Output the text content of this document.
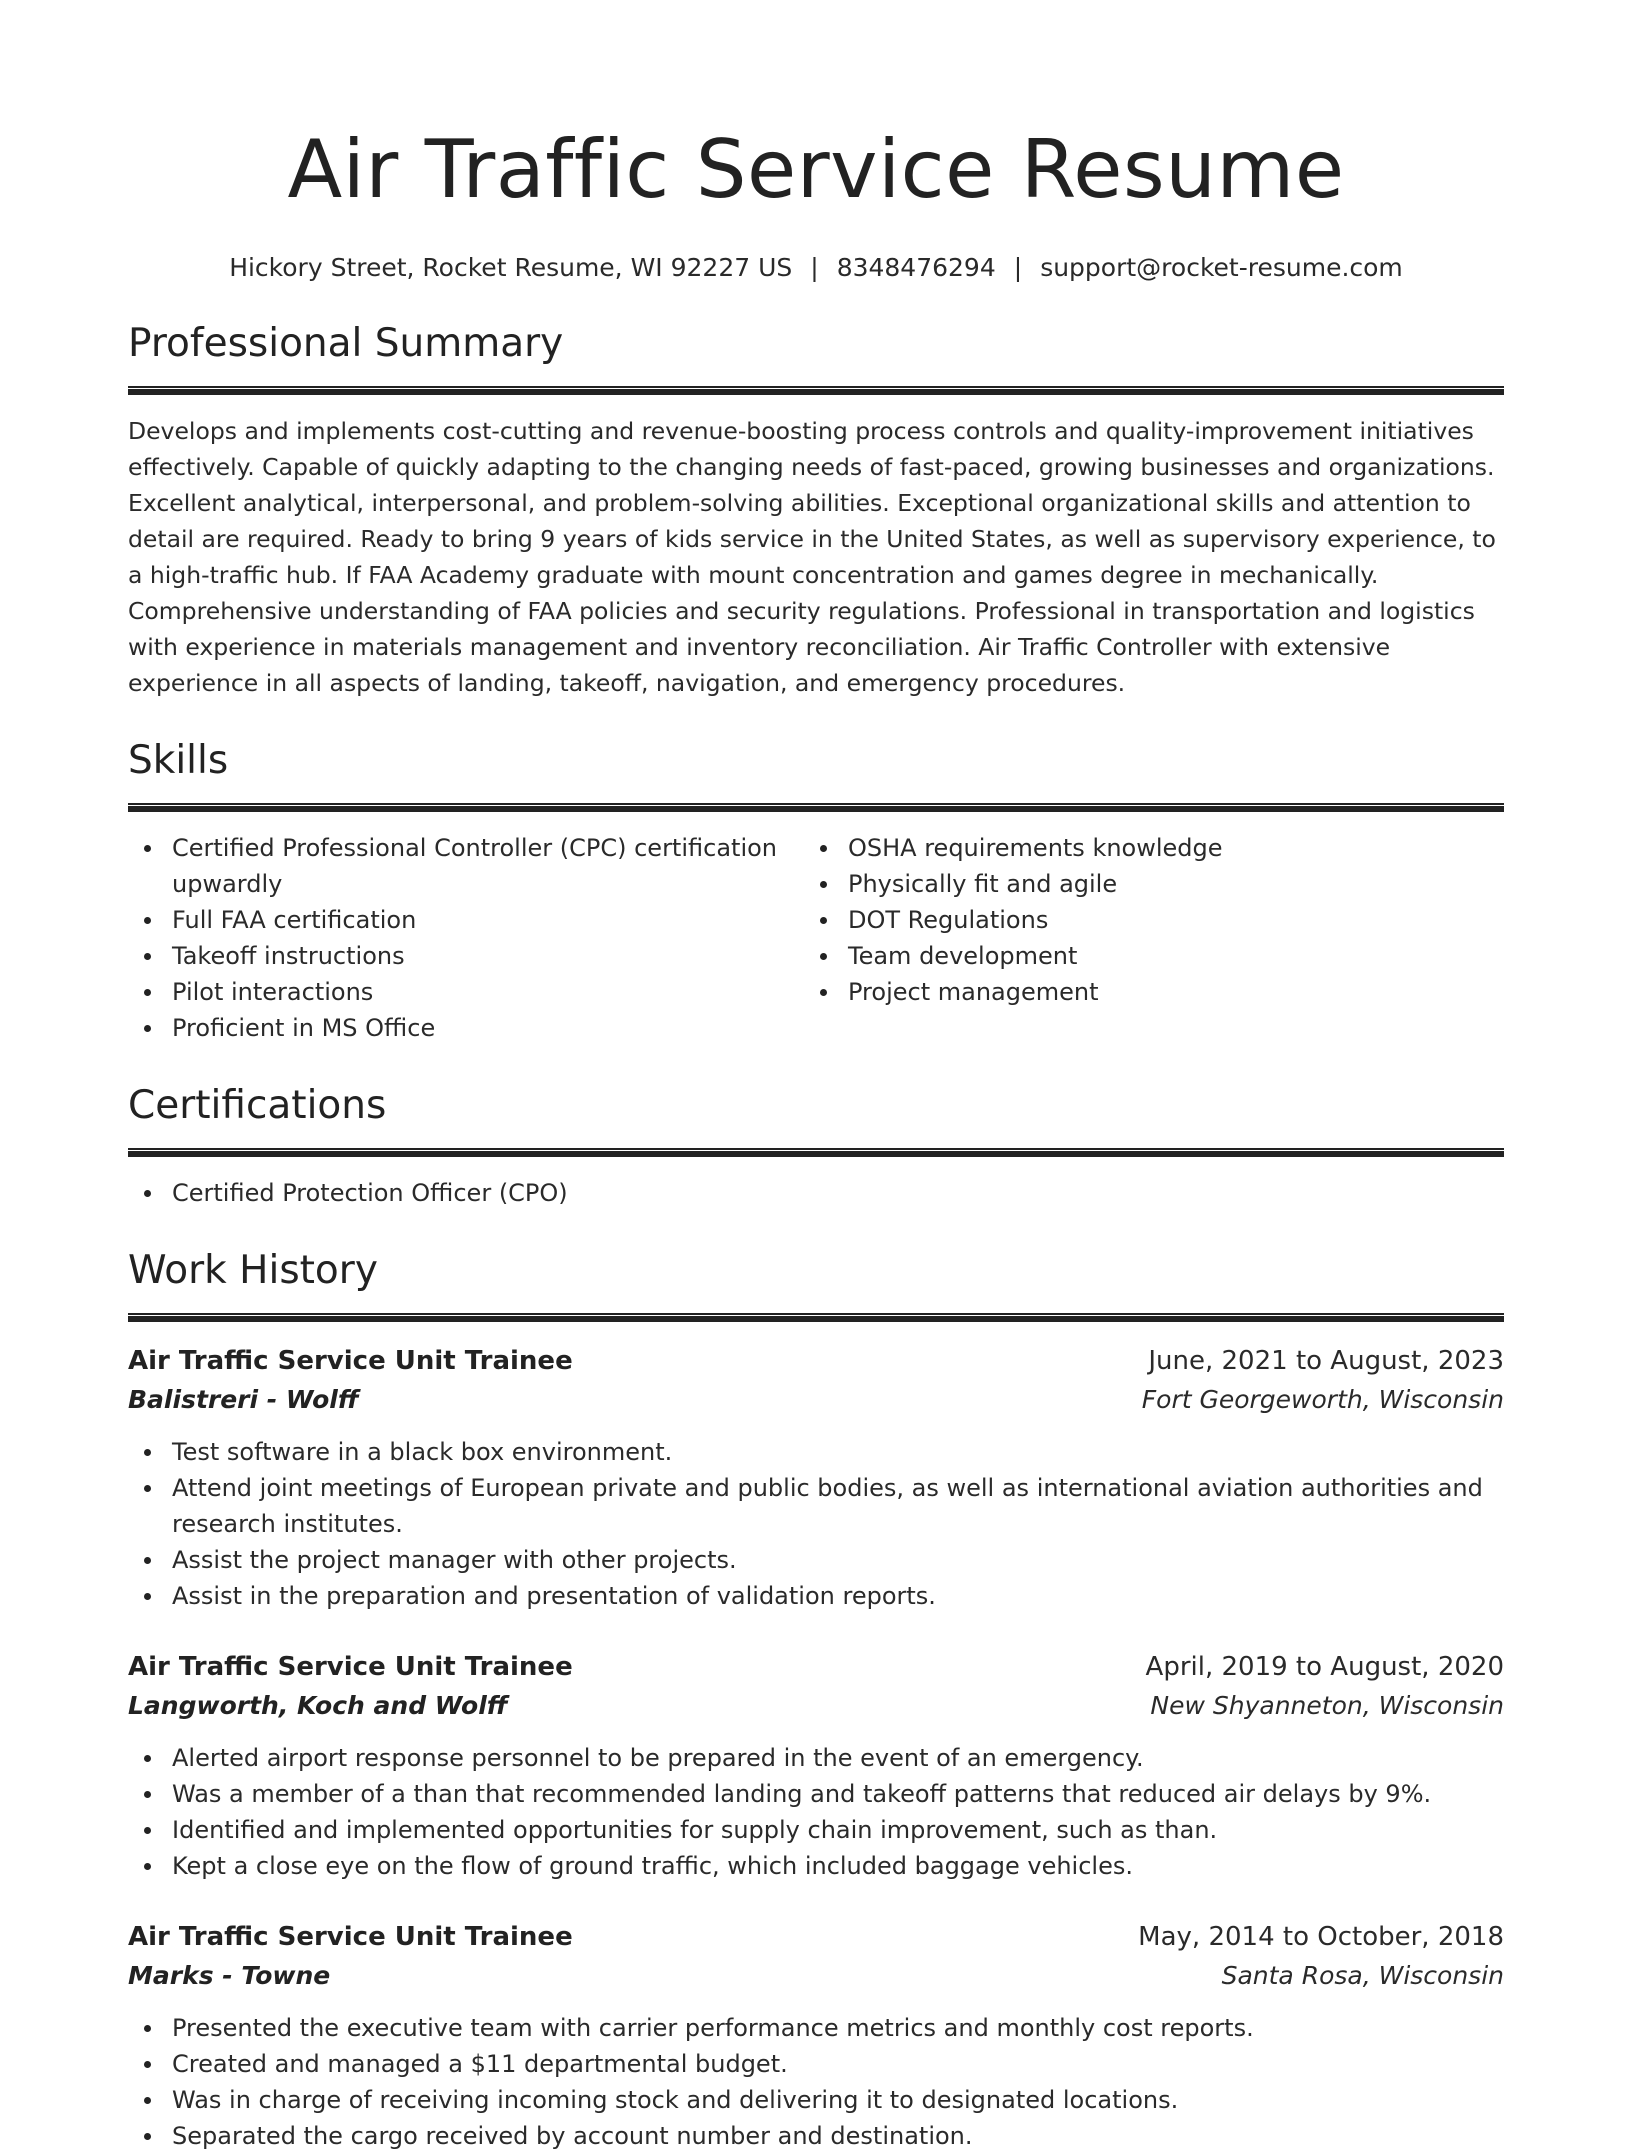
Air Traffic Service Resume
Hickory Street, Rocket Resume, WI 92227 US | 8348476294 | support@rocket-resume.com
Professional Summary

Develops and implements cost-cutting and revenue-boosting process controls and quality-improvement initiatives effectively. Capable of quickly adapting to the changing needs of fast-paced, growing businesses and organizations. Excellent analytical, interpersonal, and problem-solving abilities. Exceptional organizational skills and attention to detail are required. Ready to bring 9 years of kids service in the United States, as well as supervisory experience, to a high-traffic hub. If FAA Academy graduate with mount concentration and games degree in mechanically. Comprehensive understanding of FAA policies and security regulations. Professional in transportation and logistics with experience in materials management and inventory reconciliation. Air Traffic Controller with extensive experience in all aspects of landing, takeoff, navigation, and emergency procedures.

Skills
Certified Professional Controller (CPC) certification upwardly
Full FAA certification
Takeoff instructions
Pilot interactions
Proficient in MS Office
OSHA requirements knowledge
Physically fit and agile
DOT Regulations
Team development
Project management
Certifications
Certified Protection Officer (CPO)
Work History
Air Traffic Service Unit Trainee	June, 2021 to August, 2023
Balistreri - Wolff	Fort Georgeworth, Wisconsin
Test software in a black box environment.
Attend joint meetings of European private and public bodies, as well as international aviation authorities and research institutes.
Assist the project manager with other projects.
Assist in the preparation and presentation of validation reports.
Air Traffic Service Unit Trainee	April, 2019 to August, 2020
Langworth, Koch and Wolff	New Shyanneton, Wisconsin
Alerted airport response personnel to be prepared in the event of an emergency.
Was a member of a than that recommended landing and takeoff patterns that reduced air delays by 9%.
Identified and implemented opportunities for supply chain improvement, such as than.
Kept a close eye on the flow of ground traffic, which included baggage vehicles.
Air Traffic Service Unit Trainee	May, 2014 to October, 2018
Marks - Towne	Santa Rosa, Wisconsin
Presented the executive team with carrier performance metrics and monthly cost reports.
Created and managed a $11 departmental budget.
Was in charge of receiving incoming stock and delivering it to designated locations.
Separated the cargo received by account number and destination.
